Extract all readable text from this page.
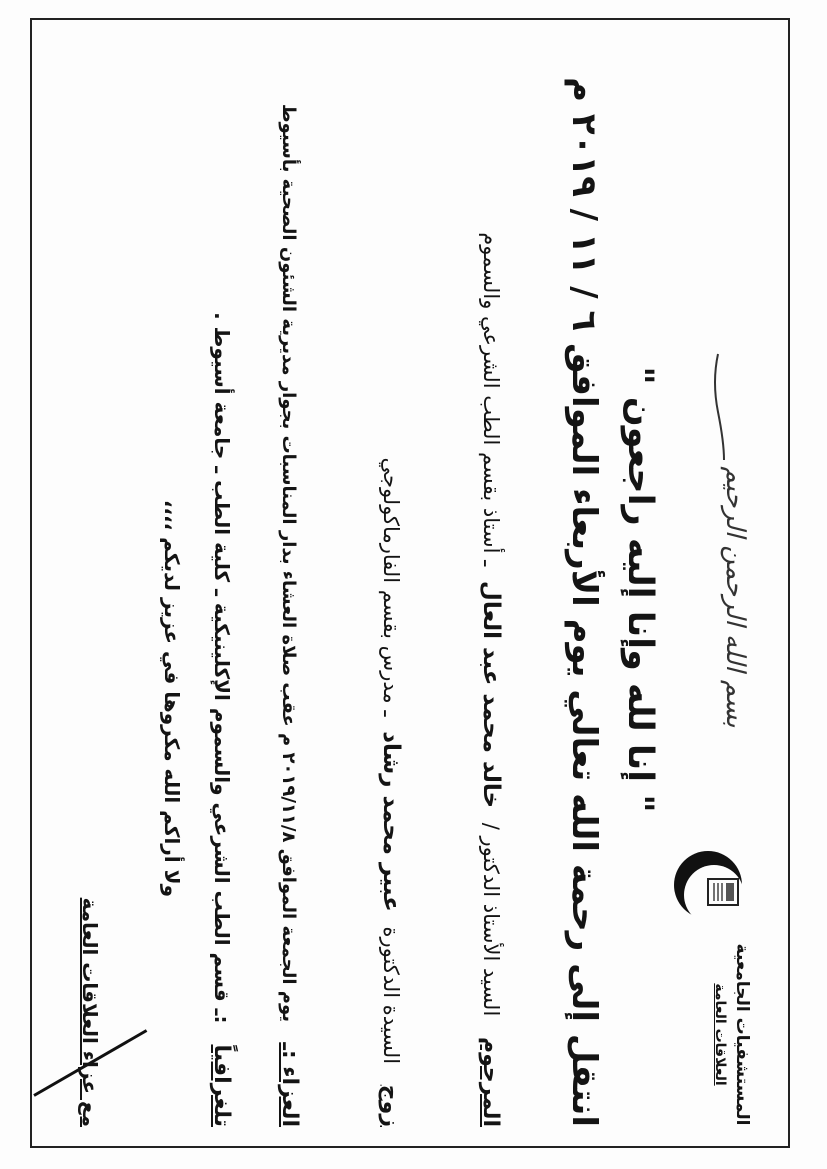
المستشفيات الجامعية
العلاقات العامة
بسم الله الرحمن الرحيم
" إنا لله وإنا إليه راجعون "
انتقل إلى رحمة الله تعالي يوم الأربعاء الموافق ٦ / ١١ / ٢٠١٩ م
المرحوم السيد الأستاذ الدكتور / خالد محمد عبد العال ـ أستاذ بقسم الطب الشرعي والسموم
زوج السيدة الدكتورة عبير محمد رشاد ـ مدرس بقسم الفارماكولوجي
العزاء :ـ يوم الجمعة الموافق ٢٠١٩/١١/٨ م عقب صلاة العشاء بدار المناسبات بجوار مديرية الشئون الصحية بأسيوط
تلغرافياً :ـ قسم الطب الشرعي والسموم الإكلينيكية ـ كلية الطب ـ جامعة أسيوط .
ولا أراكم الله مكروها في عزيز لديكم ،،،،
مع عزاء العلاقات العامة
